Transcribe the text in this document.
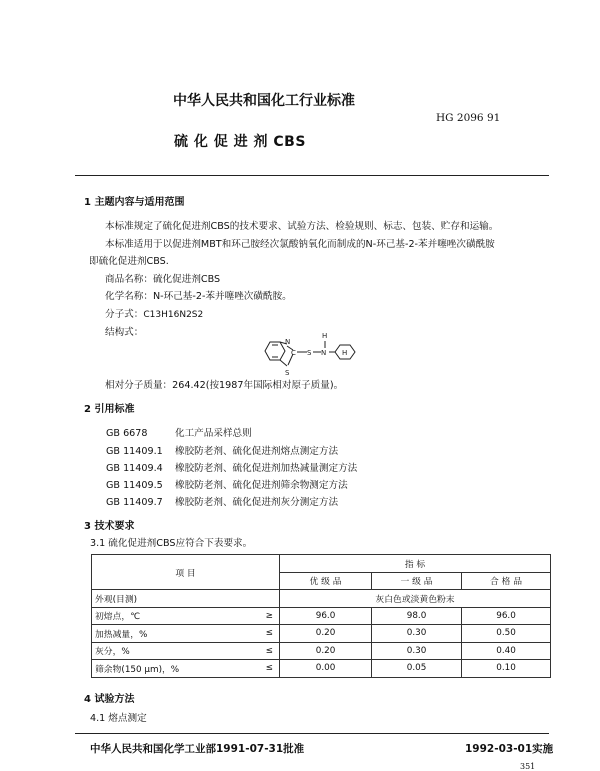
中华人民共和国化工行业标准
HG 2096 91
硫 化 促 进 剂 CBS
1 主题内容与适用范围
本标准规定了硫化促进剂CBS的技术要求、试验方法、检验规则、标志、包装、贮存和运输。
本标准适用于以促进剂MBT和环己胺经次氯酸钠氧化而制成的N-环己基-2-苯并噻唑次磺酰胺
即硫化促进剂CBS.
商品名称：硫化促进剂CBS
化学名称：N-环己基-2-苯并噻唑次磺酰胺。
分子式：C13H16N2S2
结构式：
N
S
C S N
H
H
相对分子质量：264.42(按1987年国际相对原子质量)。
2 引用标准
GB 6678	化工产品采样总则
GB 11409.1 橡胶防老剂、硫化促进剂熔点测定方法
GB 11409.4 橡胶防老剂、硫化促进剂加热减量测定方法
GB 11409.5 橡胶防老剂、硫化促进剂筛余物测定方法
GB 11409.7 橡胶防老剂、硫化促进剂灰分测定方法
3 技术要求
3.1 硫化促进剂CBS应符合下表要求。
项 目		指 标		
		优 级 品	一 级 品	合 格 品
外观(目测)		灰白色或淡黄色粉末		
初熔点，℃	≥	96.0	98.0	96.0
加热减量，%	≤	0.20	0.30	0.50
灰分，%	≤	0.20	0.30	0.40
筛余物(150 μm)，%	≤	0.00	0.05	0.10
4 试验方法
4.1 熔点测定
中华人民共和国化学工业部1991-07-31批准	1992-03-01实施
351
